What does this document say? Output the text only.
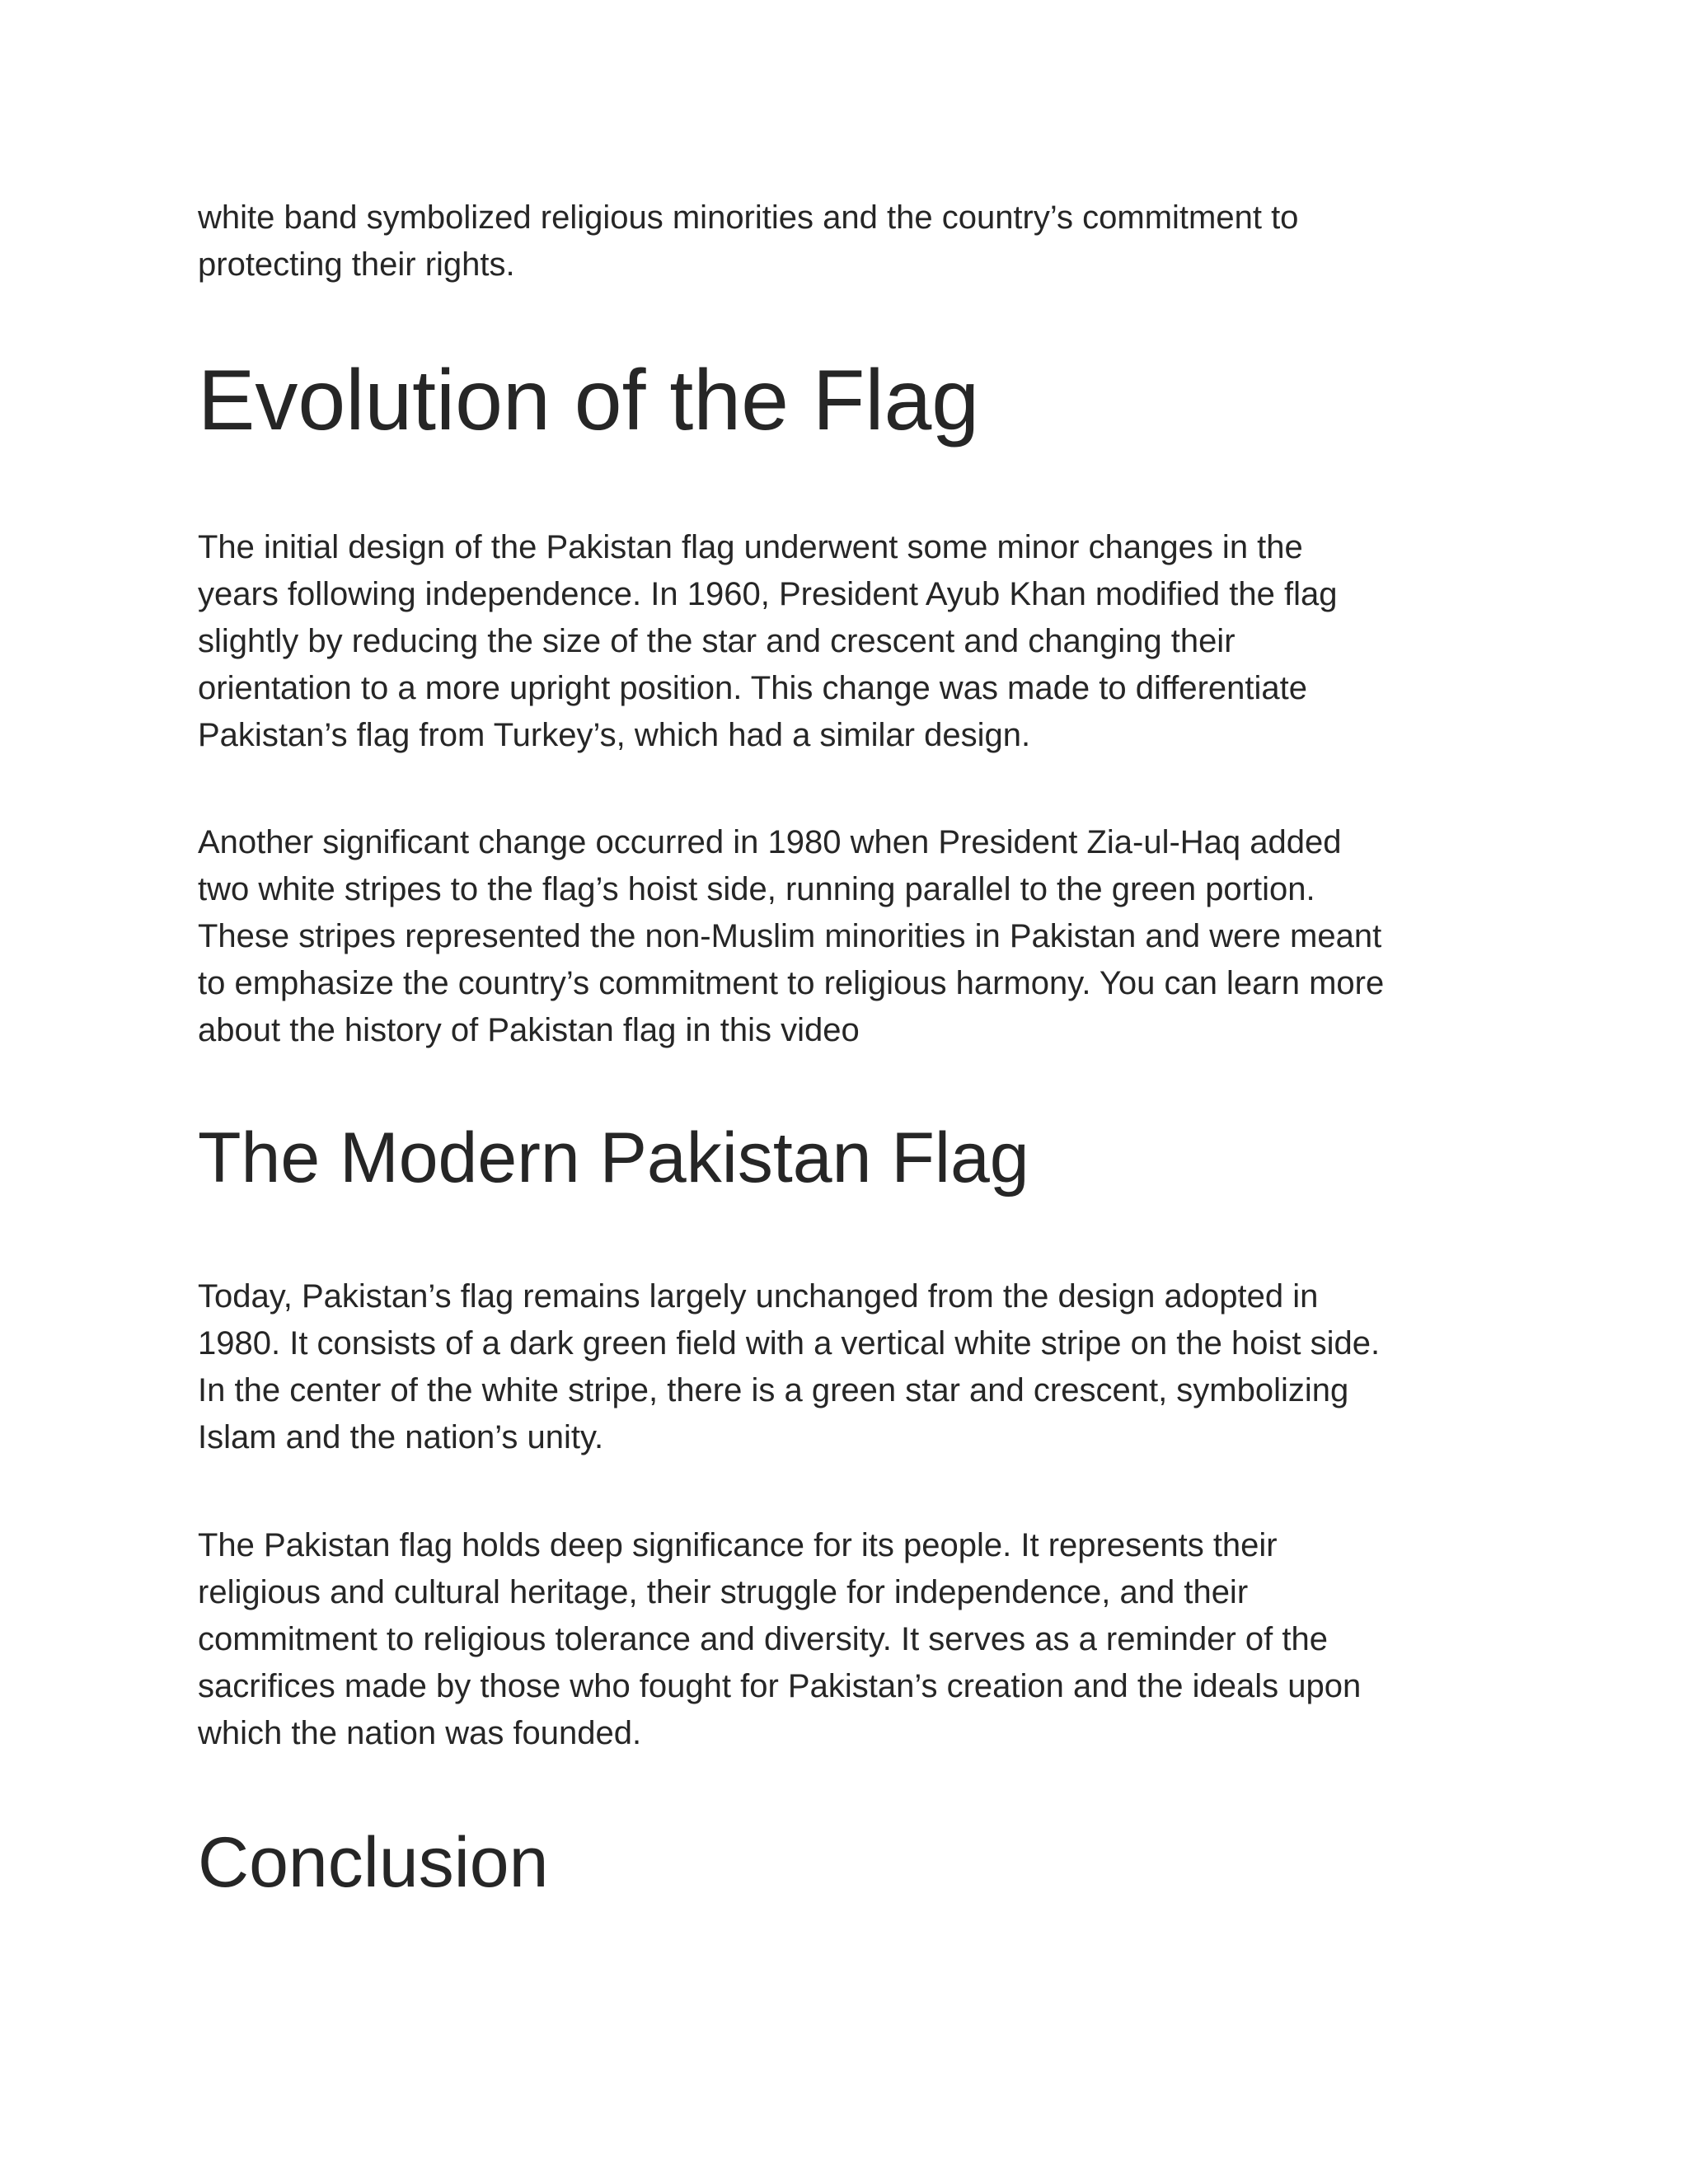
white band symbolized religious minorities and the country’s commitment to
protecting their rights.

Evolution of the Flag

The initial design of the Pakistan flag underwent some minor changes in the
years following independence. In 1960, President Ayub Khan modified the flag
slightly by reducing the size of the star and crescent and changing their
orientation to a more upright position. This change was made to differentiate
Pakistan’s flag from Turkey’s, which had a similar design.

Another significant change occurred in 1980 when President Zia-ul-Haq added
two white stripes to the flag’s hoist side, running parallel to the green portion.
These stripes represented the non-Muslim minorities in Pakistan and were meant
to emphasize the country’s commitment to religious harmony. You can learn more
about the history of Pakistan flag in this video

The Modern Pakistan Flag

Today, Pakistan’s flag remains largely unchanged from the design adopted in
1980. It consists of a dark green field with a vertical white stripe on the hoist side.
In the center of the white stripe, there is a green star and crescent, symbolizing
Islam and the nation’s unity.

The Pakistan flag holds deep significance for its people. It represents their
religious and cultural heritage, their struggle for independence, and their
commitment to religious tolerance and diversity. It serves as a reminder of the
sacrifices made by those who fought for Pakistan’s creation and the ideals upon
which the nation was founded.

Conclusion
